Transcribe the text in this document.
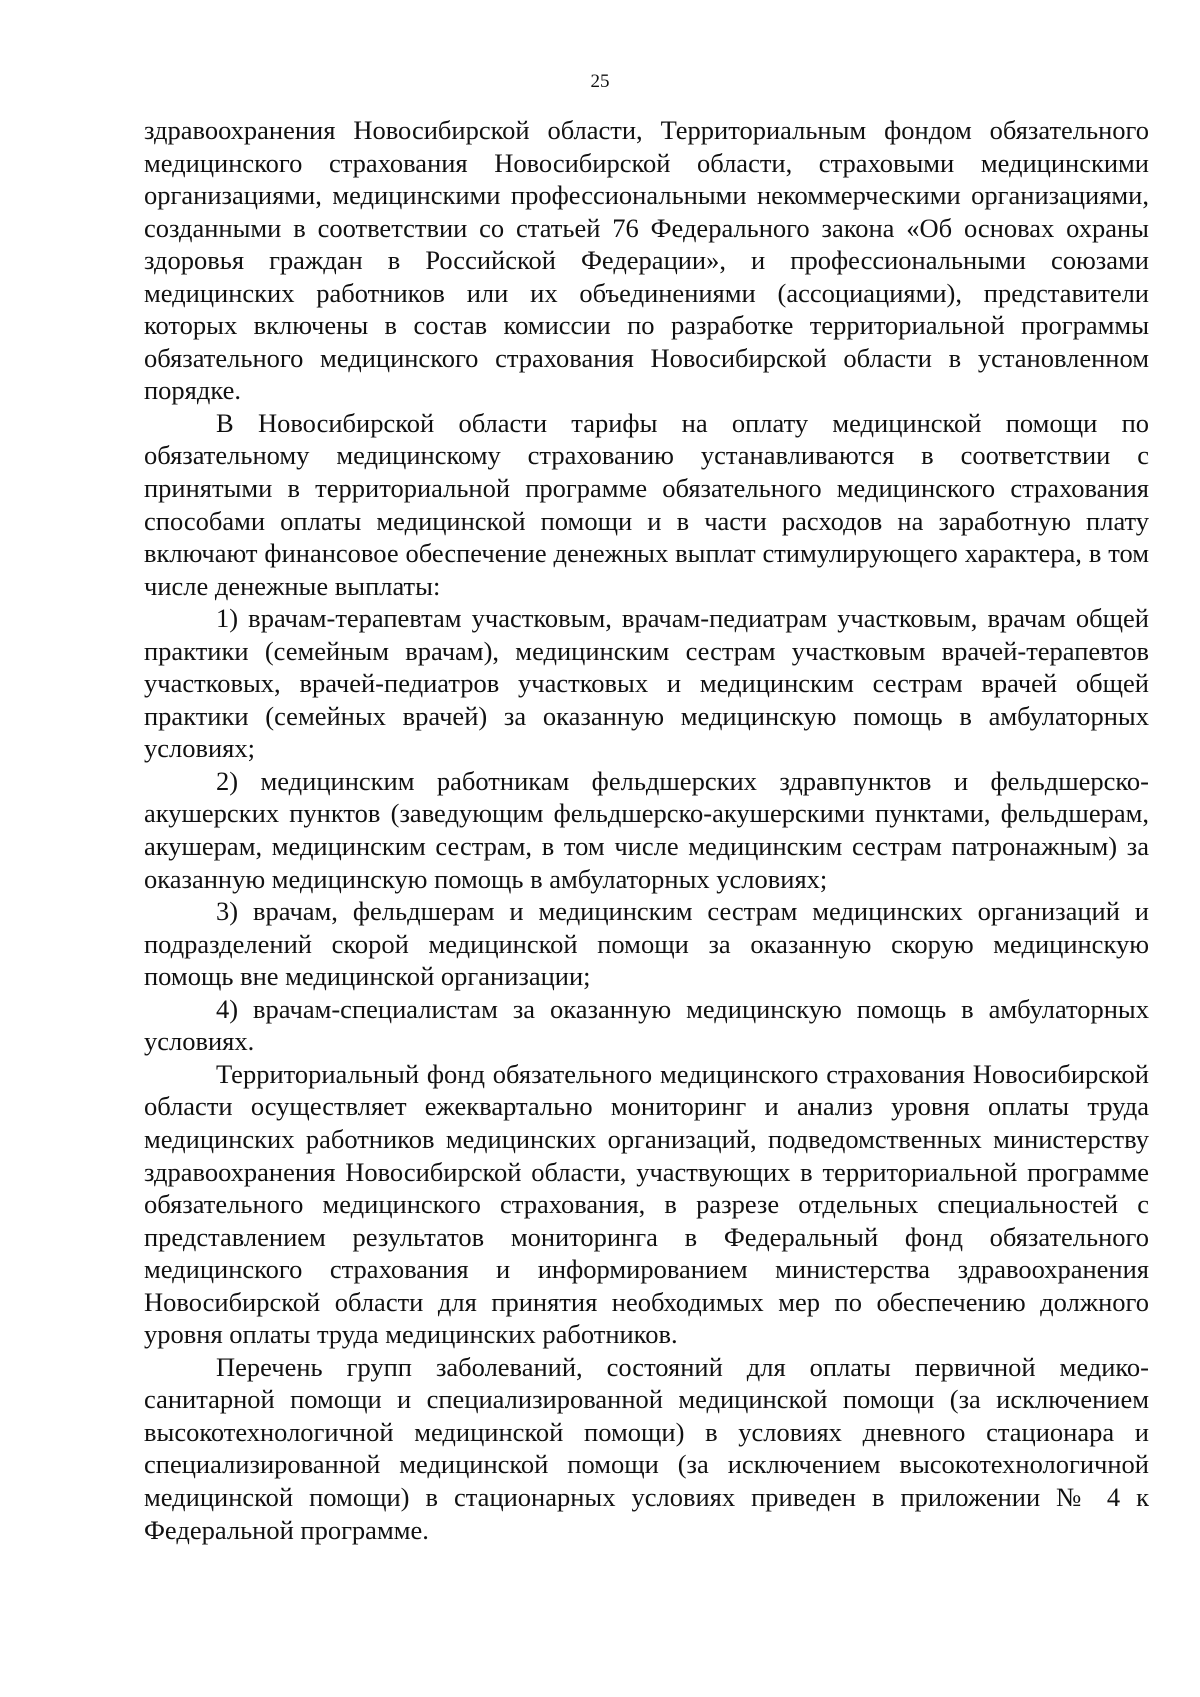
25

здравоохранения Новосибирской области, Территориальным фондом обязательного медицинского страхования Новосибирской области, страховыми медицинскими организациями, медицинскими профессиональными некоммерческими организациями, созданными в соответствии со статьей 76 Федерального закона «Об основах охраны здоровья граждан в Российской Федерации», и профессиональными союзами медицинских работников или их объединениями (ассоциациями), представители которых включены в состав комиссии по разработке территориальной программы обязательного медицинского страхования Новосибирской области в установленном порядке.

В Новосибирской области тарифы на оплату медицинской помощи по обязательному медицинскому страхованию устанавливаются в соответствии с принятыми в территориальной программе обязательного медицинского страхования способами оплаты медицинской помощи и в части расходов на заработную плату включают финансовое обеспечение денежных выплат стимулирующего характера, в том числе денежные выплаты:

1) врачам-терапевтам участковым, врачам-педиатрам участковым, врачам общей практики (семейным врачам), медицинским сестрам участковым врачей-терапевтов участковых, врачей-педиатров участковых и медицинским сестрам врачей общей практики (семейных врачей) за оказанную медицинскую помощь в амбулаторных условиях;

2) медицинским работникам фельдшерских здравпунктов и фельдшерско-акушерских пунктов (заведующим фельдшерско-акушерскими пунктами, фельдшерам, акушерам, медицинским сестрам, в том числе медицинским сестрам патронажным) за оказанную медицинскую помощь в амбулаторных условиях;

3) врачам, фельдшерам и медицинским сестрам медицинских организаций и подразделений скорой медицинской помощи за оказанную скорую медицинскую помощь вне медицинской организации;

4) врачам-специалистам за оказанную медицинскую помощь в амбулаторных условиях.

Территориальный фонд обязательного медицинского страхования Новосибирской области осуществляет ежеквартально мониторинг и анализ уровня оплаты труда медицинских работников медицинских организаций, подведомственных министерству здравоохранения Новосибирской области, участвующих в территориальной программе обязательного медицинского страхования, в разрезе отдельных специальностей с представлением результатов мониторинга в Федеральный фонд обязательного медицинского страхования и информированием министерства здравоохранения Новосибирской области для принятия необходимых мер по обеспечению должного уровня оплаты труда медицинских работников.

Перечень групп заболеваний, состояний для оплаты первичной медико-санитарной помощи и специализированной медицинской помощи (за исключением высокотехнологичной медицинской помощи) в условиях дневного стационара и специализированной медицинской помощи (за исключением высокотехнологичной медицинской помощи) в стационарных условиях приведен в приложении № 4 к Федеральной программе.
